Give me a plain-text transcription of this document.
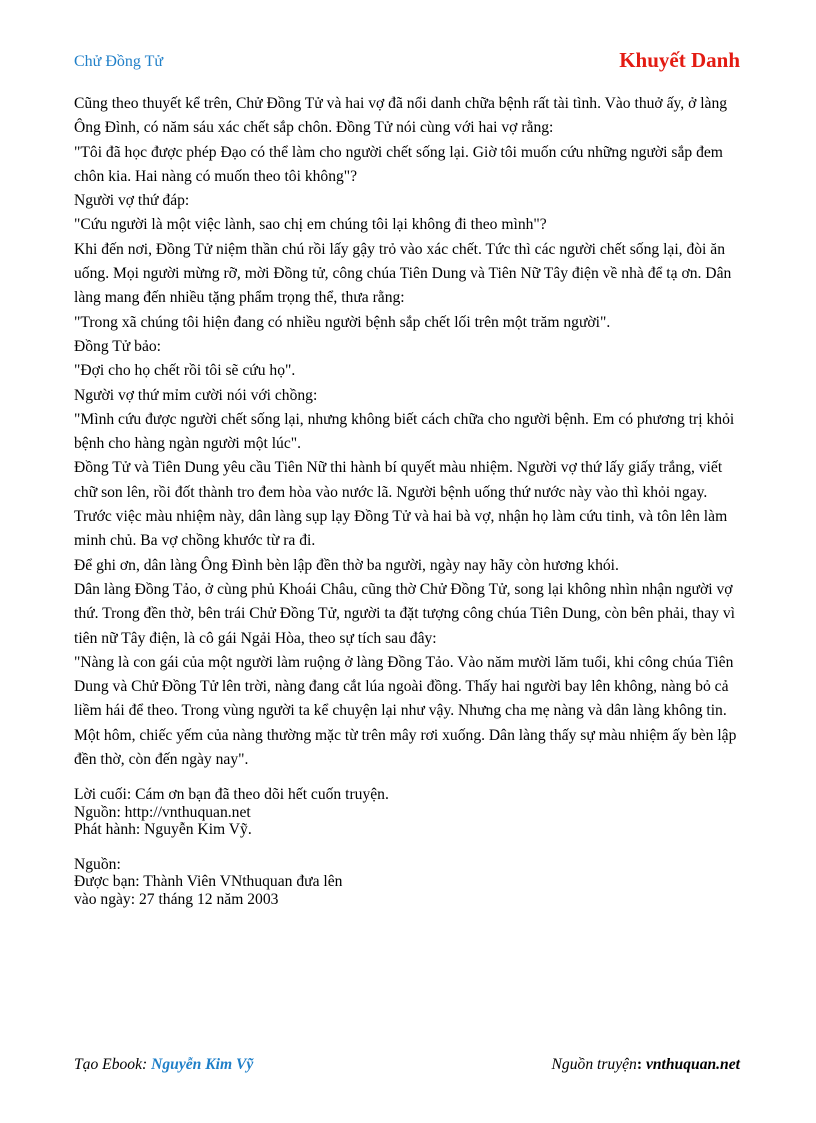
Chử Đồng Tử	Khuyết Danh

Cũng theo thuyết kể trên, Chử Đồng Tử và hai vợ đã nổi danh chữa bệnh rất tài tình. Vào thuở ấy, ở làng Ông Đình, có năm sáu xác chết sắp chôn. Đồng Tử nói cùng với hai vợ rằng:

"Tôi đã học được phép Đạo có thể làm cho người chết sống lại. Giờ tôi muốn cứu những người sắp đem chôn kia. Hai nàng có muốn theo tôi không"?

Người vợ thứ đáp:

"Cứu người là một việc lành, sao chị em chúng tôi lại không đi theo mình"?

Khi đến nơi, Đồng Tử niệm thần chú rồi lấy gậy trỏ vào xác chết. Tức thì các người chết sống lại, đòi ăn uống. Mọi người mừng rỡ, mời Đồng tử, công chúa Tiên Dung và Tiên Nữ Tây điện về nhà để tạ ơn. Dân làng mang đến nhiều tặng phẩm trọng thể, thưa rằng:

"Trong xã chúng tôi hiện đang có nhiều người bệnh sắp chết lối trên một trăm người".

Đồng Tử bảo:

"Đợi cho họ chết rồi tôi sẽ cứu họ".

Người vợ thứ mỉm cười nói với chồng:

"Mình cứu được người chết sống lại, nhưng không biết cách chữa cho người bệnh. Em có phương trị khỏi bệnh cho hàng ngàn người một lúc".

Đồng Tử và Tiên Dung yêu cầu Tiên Nữ thi hành bí quyết màu nhiệm. Người vợ thứ lấy giấy trắng, viết chữ son lên, rồi đốt thành tro đem hòa vào nước lã. Người bệnh uống thứ nước này vào thì khỏi ngay. Trước việc màu nhiệm này, dân làng sụp lạy Đồng Tử và hai bà vợ, nhận họ làm cứu tinh, và tôn lên làm minh chủ. Ba vợ chồng khước từ ra đi.

Để ghi ơn, dân làng Ông Đình bèn lập đền thờ ba người, ngày nay hãy còn hương khói.

Dân làng Đồng Tảo, ở cùng phủ Khoái Châu, cũng thờ Chử Đồng Tử, song lại không nhìn nhận người vợ thứ. Trong đền thờ, bên trái Chử Đồng Tử, người ta đặt tượng công chúa Tiên Dung, còn bên phải, thay vì tiên nữ Tây điện, là cô gái Ngải Hòa, theo sự tích sau đây:

"Nàng là con gái của một người làm ruộng ở làng Đồng Tảo. Vào năm mười lăm tuổi, khi công chúa Tiên Dung và Chử Đồng Tử lên trời, nàng đang cắt lúa ngoài đồng. Thấy hai người bay lên không, nàng bỏ cả liềm hái để theo. Trong vùng người ta kể chuyện lại như vậy. Nhưng cha mẹ nàng và dân làng không tin. Một hôm, chiếc yếm của nàng thường mặc từ trên mây rơi xuống. Dân làng thấy sự màu nhiệm ấy bèn lập đền thờ, còn đến ngày nay".

Lời cuối: Cám ơn bạn đã theo dõi hết cuốn truyện.
Nguồn: http://vnthuquan.net
Phát hành: Nguyễn Kim Vỹ.
Nguồn:
Được bạn: Thành Viên VNthuquan đưa lên
vào ngày: 27 tháng 12 năm 2003
Tạo Ebook: Nguyễn Kim Vỹ	Nguồn truyện: vnthuquan.net
